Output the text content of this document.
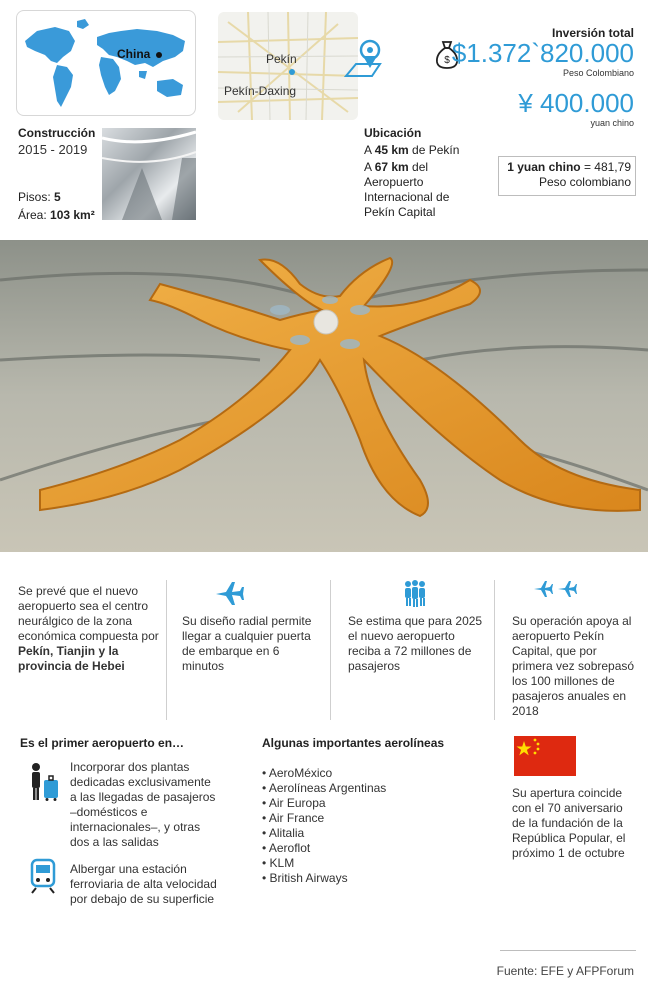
China	Pekín
Pekín-Daxing
Construcción
2015 - 2019
Pisos: 5
Área: 103 km²
Ubicación
A 45 km de Pekín
A 67 km del Aeropuerto Internacional de Pekín Capital
Inversión total
$ $1.372`820.000
Peso Colombiano
¥ 400.000
yuan chino
1 yuan chino = 481,79
Peso colombiano

Se prevé que el nuevo aeropuerto sea el centro neurálgico de la zona económica compuesta por Pekín, Tianjin y la provincia de Hebei

Su diseño radial permite llegar a cualquier puerta de embarque en 6 minutos

Se estima que para 2025 el nuevo aeropuerto reciba a 72 millones de pasajeros

Su operación apoya al aeropuerto Pekín Capital, que por primera vez sobrepasó los 100 millones de pasajeros anuales en 2018

Es el primer aeropuerto en…

Incorporar dos plantas dedicadas exclusivamente a las llegadas de pasajeros –domésticos e internacionales–, y otras dos a las salidas

Albergar una estación ferroviaria de alta velocidad por debajo de su superficie

Algunas importantes aerolíneas
• AeroMéxico
• Aerolíneas Argentinas
• Air Europa
• Air France
• Alitalia
• Aeroflot
• KLM
• British Airways

Su apertura coincide con el 70 aniversario de la fundación de la República Popular, el próximo 1 de octubre

Fuente: EFE y AFPForum
